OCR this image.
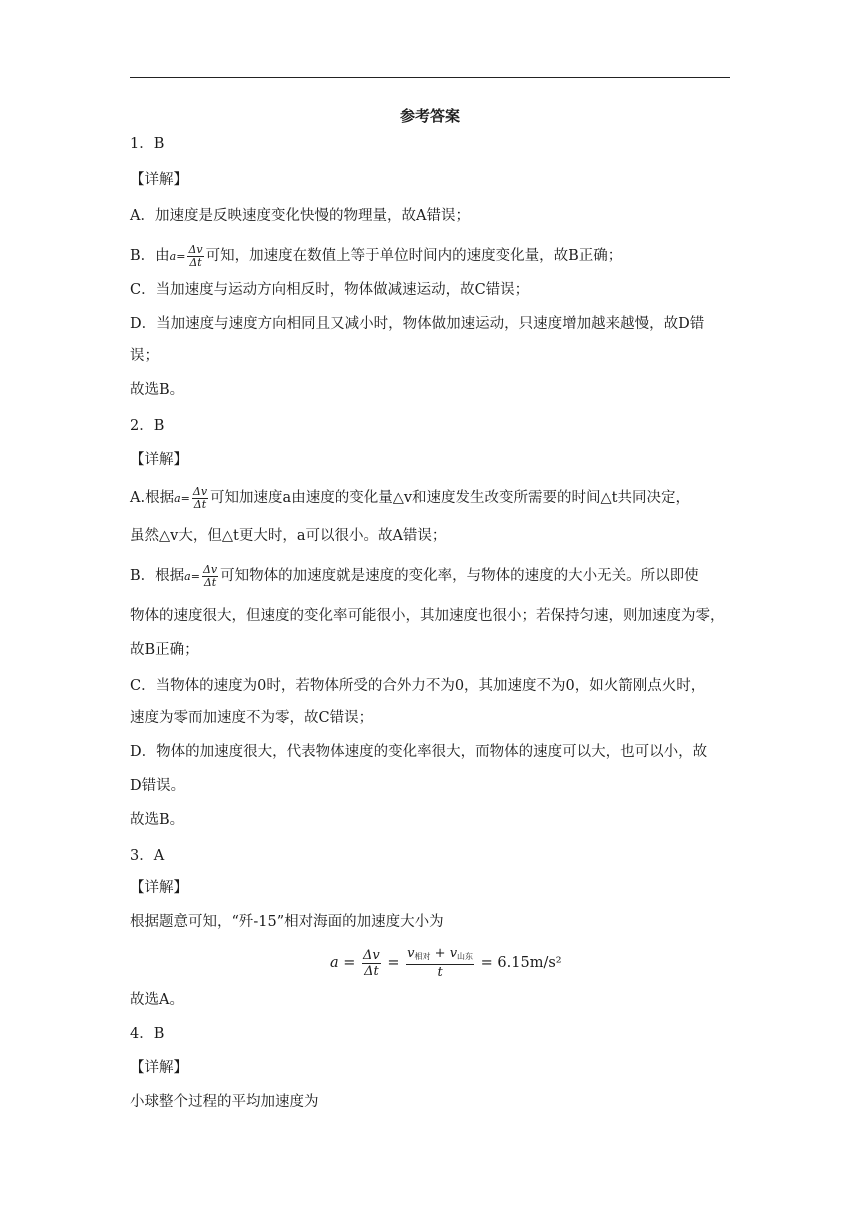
参考答案
1．B
【详解】
A．加速度是反映速度变化快慢的物理量，故A错误；
B．由$a= \frac{\Delta v}{\Delta t}$ 可知，加速度在数值上等于单位时间内的速度变化量，故B正确；
C．当加速度与运动方向相反时，物体做减速运动，故C错误；
D．当加速度与速度方向相同且又减小时，物体做加速运动，只速度增加越来越慢，故D错
误；
故选B。
2．B
【详解】
A.根据$a= \frac{\Delta v}{\Delta t}$ 可知加速度a由速度的变化量△v和速度发生改变所需要的时间△t共同决定，
虽然△v大，但△t更大时，a可以很小。故A错误；
B．根据$a= \frac{\Delta v}{\Delta t}$ 可知物体的加速度就是速度的变化率，与物体的速度的大小无关。所以即使
物体的速度很大，但速度的变化率可能很小，其加速度也很小；若保持匀速，则加速度为零，
故B正确；
C．当物体的速度为0时，若物体所受的合外力不为0，其加速度不为0，如火箭刚点火时，
速度为零而加速度不为零，故C错误；
D．物体的加速度很大，代表物体速度的变化率很大，而物体的速度可以大，也可以小，故
D错误。
故选B。
3．A
【详解】
根据题意可知，“歼-15”相对海面的加速度大小为
$a = \frac{\Delta v}{\Delta t} = \frac{v_{相对} + v_{山东}}{t} = 6.15m/s^2$
故选A。
4．B
【详解】
小球整个过程的平均加速度为
